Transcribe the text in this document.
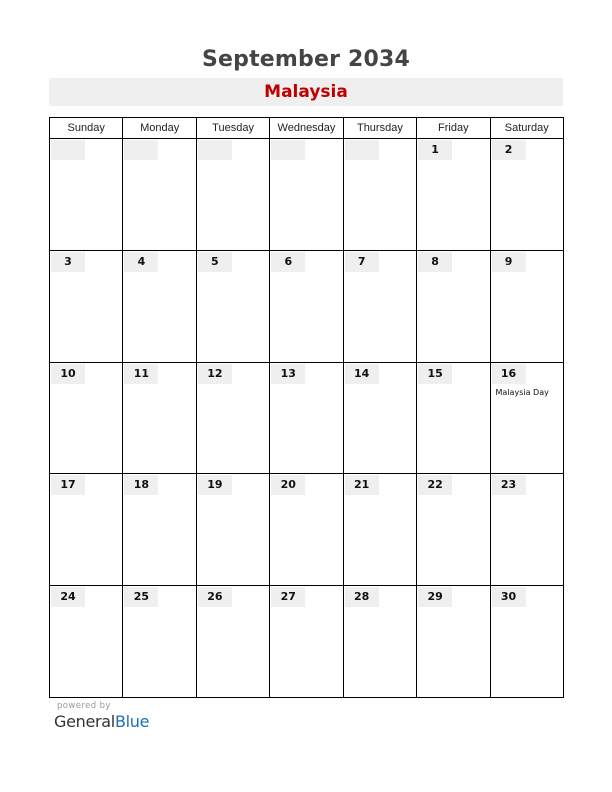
September 2034
Malaysia
Sunday	Monday	Tuesday	Wednesday	Thursday	Friday	Saturday

					1	2

3	4	5	6	7	8	9

10	11	12	13	14	15	16
Malaysia Day

17	18	19	20	21	22	23

24	25	26	27	28	29	30
powered by
GeneralBlue
